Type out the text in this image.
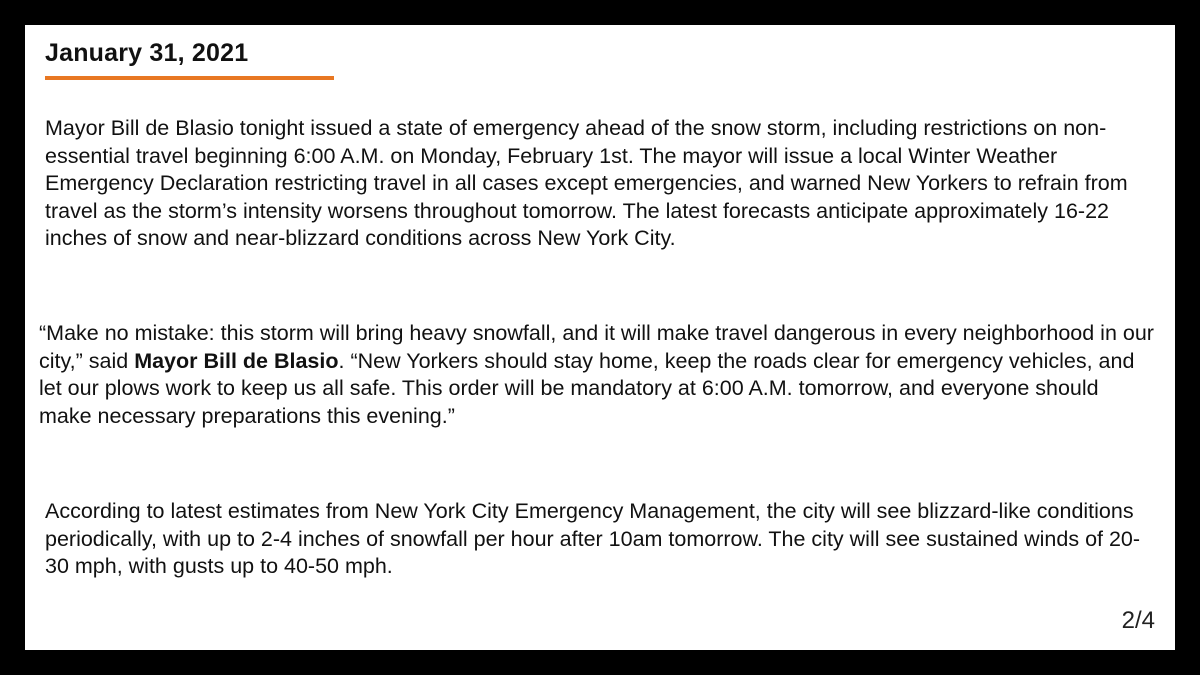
January 31, 2021

Mayor Bill de Blasio tonight issued a state of emergency ahead of the snow storm, including restrictions on non-essential travel beginning 6:00 A.M. on Monday, February 1st. The mayor will issue a local Winter Weather Emergency Declaration restricting travel in all cases except emergencies, and warned New Yorkers to refrain from travel as the storm’s intensity worsens throughout tomorrow. The latest forecasts anticipate approximately 16-22 inches of snow and near-blizzard conditions across New York City.

“Make no mistake: this storm will bring heavy snowfall, and it will make travel dangerous in every neighborhood in our city,” said Mayor Bill de Blasio. “New Yorkers should stay home, keep the roads clear for emergency vehicles, and let our plows work to keep us all safe. This order will be mandatory at 6:00 A.M. tomorrow, and everyone should make necessary preparations this evening.”

According to latest estimates from New York City Emergency Management, the city will see blizzard-like conditions periodically, with up to 2-4 inches of snowfall per hour after 10am tomorrow. The city will see sustained winds of 20-30 mph, with gusts up to 40-50 mph.

2/4
